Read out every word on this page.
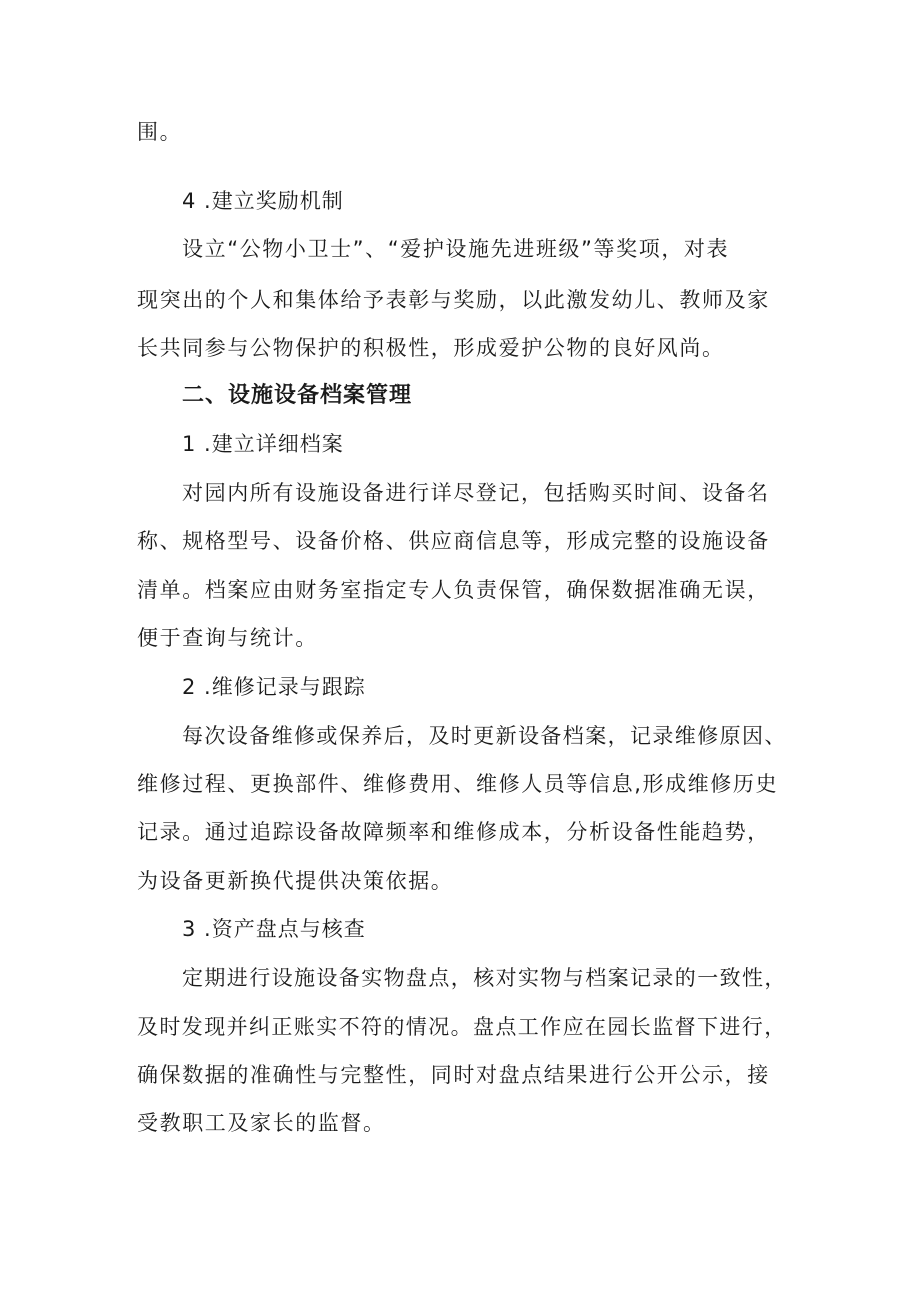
围。
4 .建立奖励机制
设立“公物小卫士”、“爱护设施先进班级”等奖项，对表
现突出的个人和集体给予表彰与奖励，以此激发幼儿、教师及家
长共同参与公物保护的积极性，形成爱护公物的良好风尚。
二、设施设备档案管理
1 .建立详细档案
对园内所有设施设备进行详尽登记，包括购买时间、设备名
称、规格型号、设备价格、供应商信息等，形成完整的设施设备
清单。档案应由财务室指定专人负责保管，确保数据准确无误，
便于查询与统计。
2 .维修记录与跟踪
每次设备维修或保养后，及时更新设备档案，记录维修原因、
维修过程、更换部件、维修费用、维修人员等信息,形成维修历史
记录。通过追踪设备故障频率和维修成本，分析设备性能趋势，
为设备更新换代提供决策依据。
3 .资产盘点与核查
定期进行设施设备实物盘点，核对实物与档案记录的一致性，
及时发现并纠正账实不符的情况。盘点工作应在园长监督下进行，
确保数据的准确性与完整性，同时对盘点结果进行公开公示，接
受教职工及家长的监督。
